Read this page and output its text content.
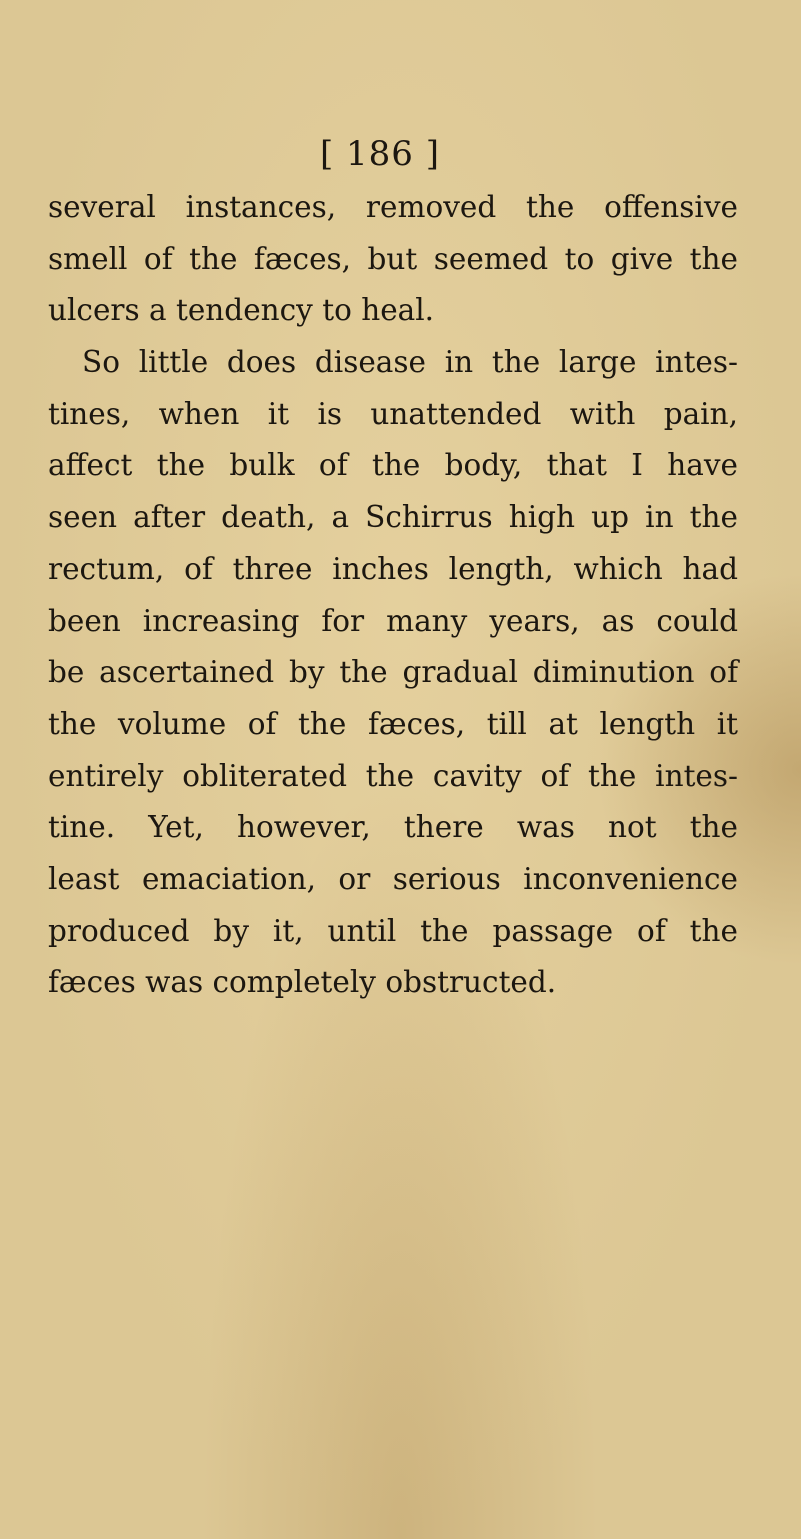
[ 186 ]
several instances, removed the offensive
smell of the fæces, but seemed to give the
ulcers a tendency to heal.
So little does disease in the large intes-
tines, when it is unattended with pain,
affect the bulk of the body, that I have
seen after death, a Schirrus high up in the
rectum, of three inches length, which had
been increasing for many years, as could
be ascertained by the gradual diminution of
the volume of the fæces, till at length it
entirely obliterated the cavity of the intes-
tine. Yet, however, there was not the
least emaciation, or serious inconvenience
produced by it, until the passage of the
fæces was completely obstructed.
